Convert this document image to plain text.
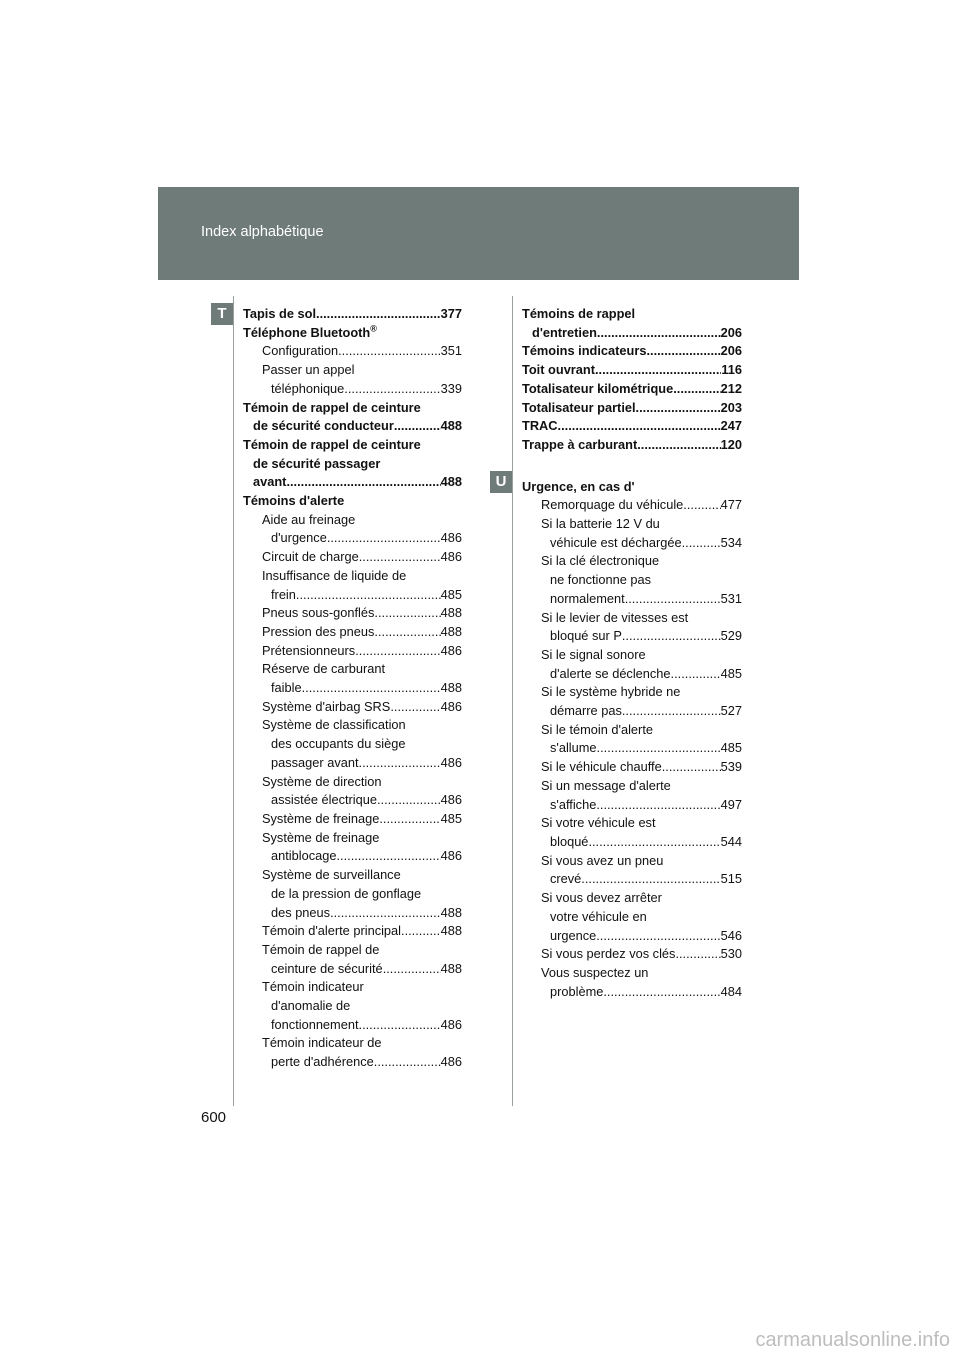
Index alphabétique
T
U
Tapis de sol .....	377
Téléphone Bluetooth®
Configuration .....	351
Passer un appel
téléphonique .....	339
Témoin de rappel de ceinture
de sécurité conducteur .....	488
Témoin de rappel de ceinture
de sécurité passager
avant .....	488
Témoins d'alerte
Aide au freinage
d'urgence .....	486
Circuit de charge .....	486
Insuffisance de liquide de
frein .....	485
Pneus sous-gonflés .....	488
Pression des pneus .....	488
Prétensionneurs .....	486
Réserve de carburant
faible .....	488
Système d'airbag SRS .....	486
Système de classification
des occupants du siège
passager avant .....	486
Système de direction
assistée électrique .....	486
Système de freinage .....	485
Système de freinage
antiblocage .....	486
Système de surveillance
de la pression de gonflage
des pneus .....	488
Témoin d'alerte principal .....	488
Témoin de rappel de
ceinture de sécurité .....	488
Témoin indicateur
d'anomalie de
fonctionnement .....	486
Témoin indicateur de
perte d'adhérence .....	486
Témoins de rappel
d'entretien .....	206
Témoins indicateurs .....	206
Toit ouvrant .....	116
Totalisateur kilométrique .....	212
Totalisateur partiel .....	203
TRAC .....	247
Trappe à carburant .....	120
Urgence, en cas d'
Remorquage du véhicule .....	477
Si la batterie 12 V du
véhicule est déchargée .....	534
Si la clé électronique
ne fonctionne pas
normalement .....	531
Si le levier de vitesses est
bloqué sur P .....	529
Si le signal sonore
d'alerte se déclenche .....	485
Si le système hybride ne
démarre pas .....	527
Si le témoin d'alerte
s'allume .....	485
Si le véhicule chauffe .....	539
Si un message d'alerte
s'affiche .....	497
Si votre véhicule est
bloqué .....	544
Si vous avez un pneu
crevé .....	515
Si vous devez arrêter
votre véhicule en
urgence .....	546
Si vous perdez vos clés .....	530
Vous suspectez un
problème .....	484
600
carmanualsonline.info
